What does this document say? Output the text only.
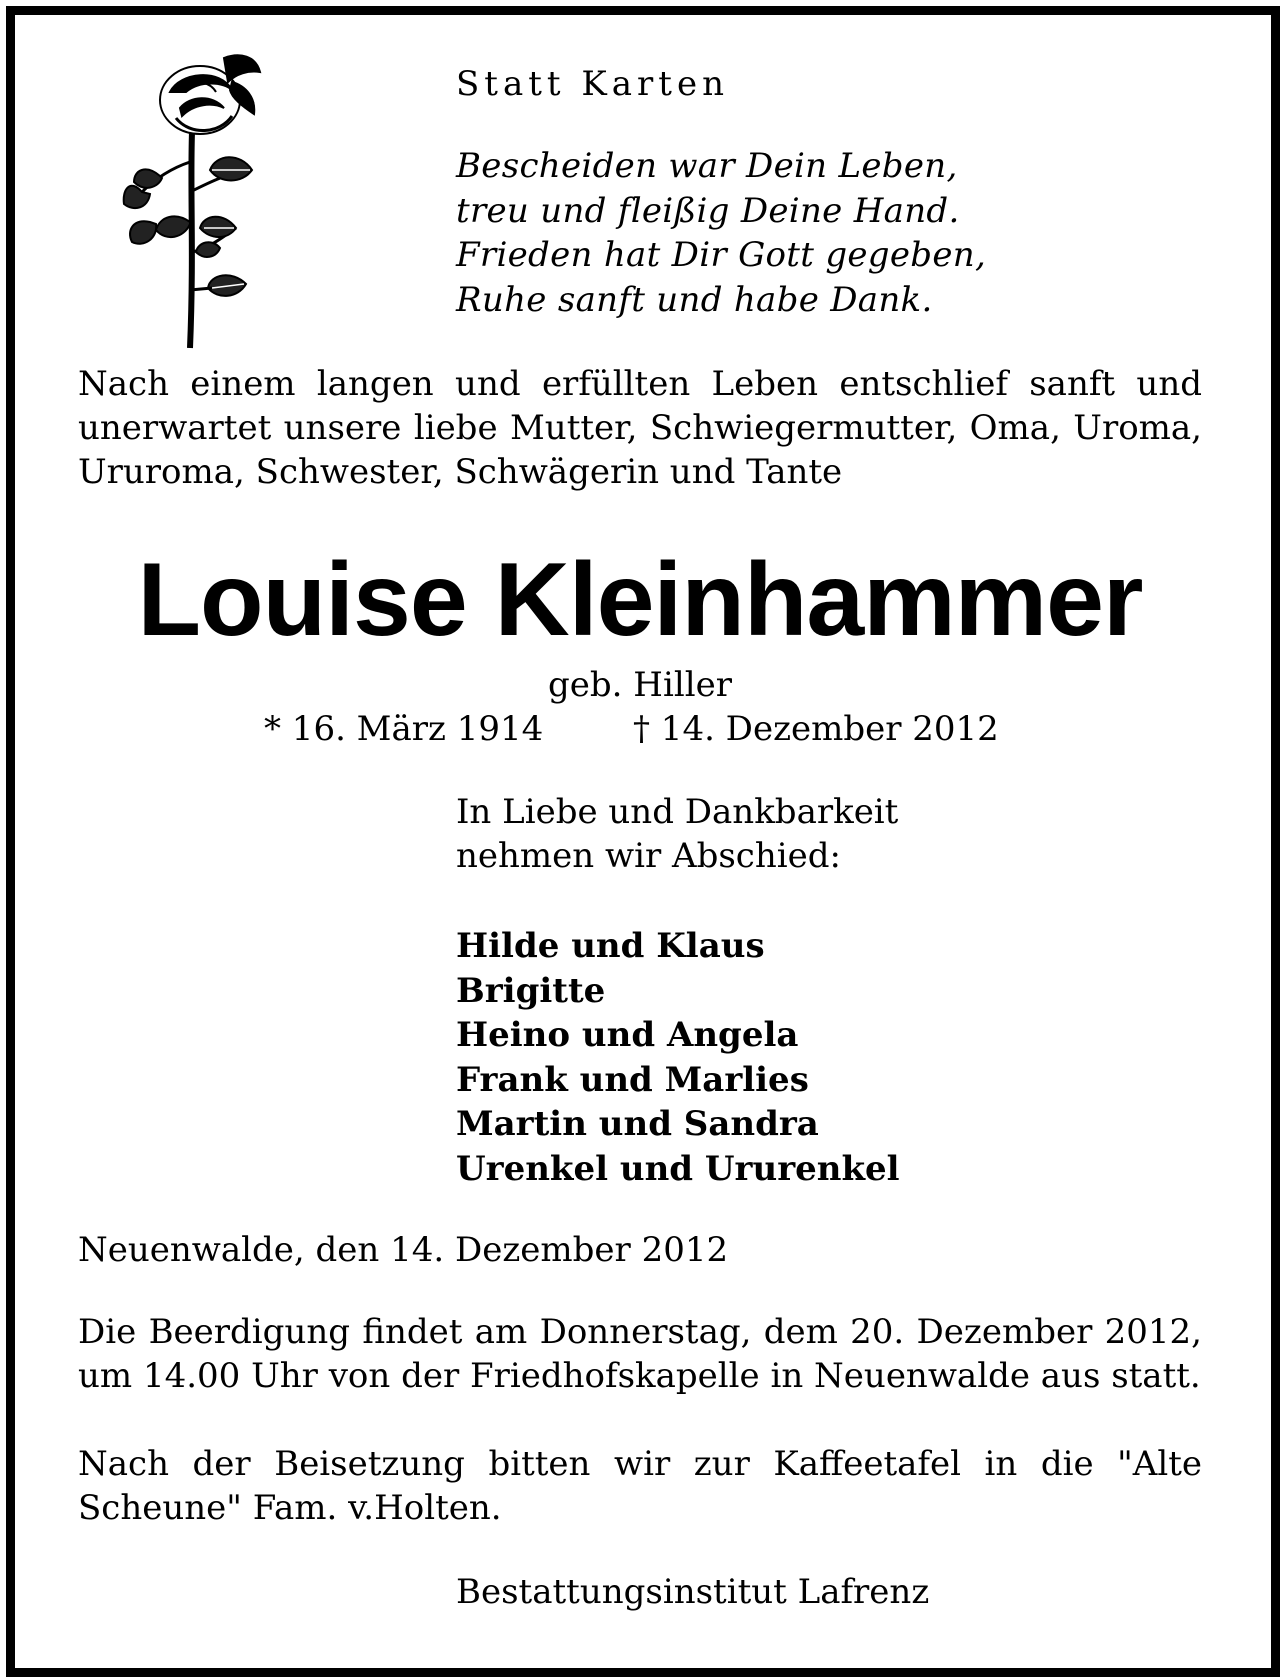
Statt Karten
Bescheiden war Dein Leben,
treu und fleißig Deine Hand.
Frieden hat Dir Gott gegeben,
Ruhe sanft und habe Dank.

Nach einem langen und erfüllten Leben entschlief sanft und unerwartet unsere liebe Mutter, Schwiegermutter, Oma, Uroma, Ururoma, Schwester, Schwägerin und Tante

Louise Kleinhammer
geb. Hiller
* 16. März 1914	† 14. Dezember 2012
In Liebe und Dankbarkeit
nehmen wir Abschied:
Hilde und Klaus
Brigitte
Heino und Angela
Frank und Marlies
Martin und Sandra
Urenkel und Ururenkel
Neuenwalde, den 14. Dezember 2012

Die Beerdigung findet am Donnerstag, dem 20. Dezember 2012, um 14.00 Uhr von der Friedhofskapelle in Neuenwalde aus statt.

Nach der Beisetzung bitten wir zur Kaffeetafel in die "Alte Scheune" Fam. v.Holten.

Bestattungsinstitut Lafrenz
